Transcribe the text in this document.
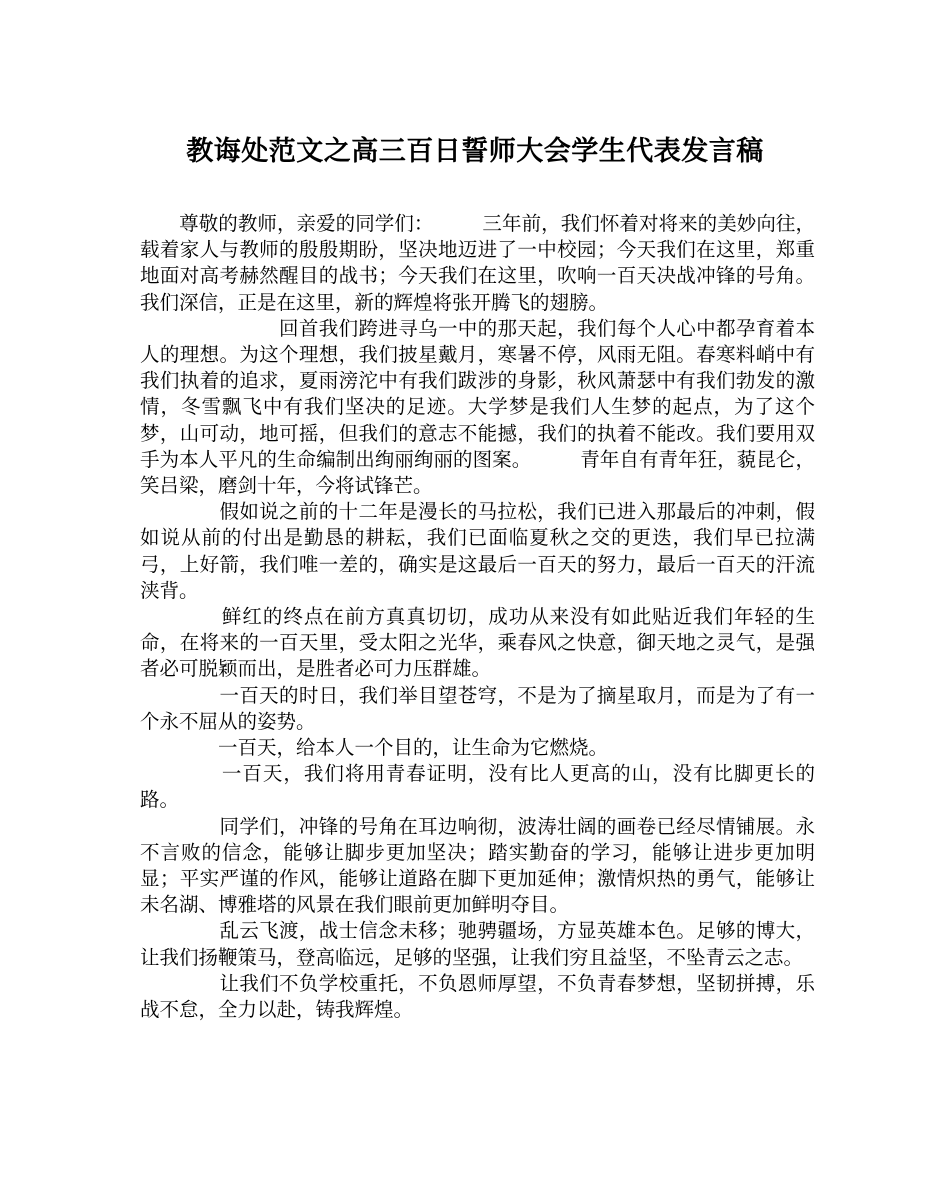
教诲处范文之高三百日誓师大会学生代表发言稿

　　尊敬的教师，亲爱的同学们：　　　三年前，我们怀着对将来的美妙向往，载着家人与教师的殷殷期盼，坚决地迈进了一中校园；今天我们在这里，郑重地面对高考赫然醒目的战书；今天我们在这里，吹响一百天决战冲锋的号角。我们深信，正是在这里，新的辉煌将张开腾飞的翅膀。

　　　　　　　回首我们跨进寻乌一中的那天起，我们每个人心中都孕育着本人的理想。为这个理想，我们披星戴月，寒暑不停，风雨无阻。春寒料峭中有我们执着的追求，夏雨滂沱中有我们跋涉的身影，秋风萧瑟中有我们勃发的激情，冬雪飘飞中有我们坚决的足迹。大学梦是我们人生梦的起点，为了这个梦，山可动，地可摇，但我们的意志不能撼，我们的执着不能改。我们要用双手为本人平凡的生命编制出绚丽绚丽的图案。　　　青年自有青年狂，藐昆仑，笑吕梁，磨剑十年，今将试锋芒。

　　　　假如说之前的十二年是漫长的马拉松，我们已进入那最后的冲刺，假如说从前的付出是勤恳的耕耘，我们已面临夏秋之交的更迭，我们早已拉满弓，上好箭，我们唯一差的，确实是这最后一百天的努力，最后一百天的汗流浃背。

　　　　鲜红的终点在前方真真切切，成功从来没有如此贴近我们年轻的生命，在将来的一百天里，受太阳之光华，乘春风之快意，御天地之灵气，是强者必可脱颖而出，是胜者必可力压群雄。

　　　　一百天的时日，我们举目望苍穹，不是为了摘星取月，而是为了有一个永不屈从的姿势。

　　　　一百天，给本人一个目的，让生命为它燃烧。

　　　　一百天，我们将用青春证明，没有比人更高的山，没有比脚更长的路。

　　　　同学们，冲锋的号角在耳边响彻，波涛壮阔的画卷已经尽情铺展。永不言败的信念，能够让脚步更加坚决；踏实勤奋的学习，能够让进步更加明显；平实严谨的作风，能够让道路在脚下更加延伸；激情炽热的勇气，能够让未名湖、博雅塔的风景在我们眼前更加鲜明夺目。

　　　　乱云飞渡，战士信念未移；驰骋疆场，方显英雄本色。足够的博大，让我们扬鞭策马，登高临远，足够的坚强，让我们穷且益坚，不坠青云之志。

　　　　让我们不负学校重托，不负恩师厚望，不负青春梦想，坚韧拼搏，乐战不怠，全力以赴，铸我辉煌。
